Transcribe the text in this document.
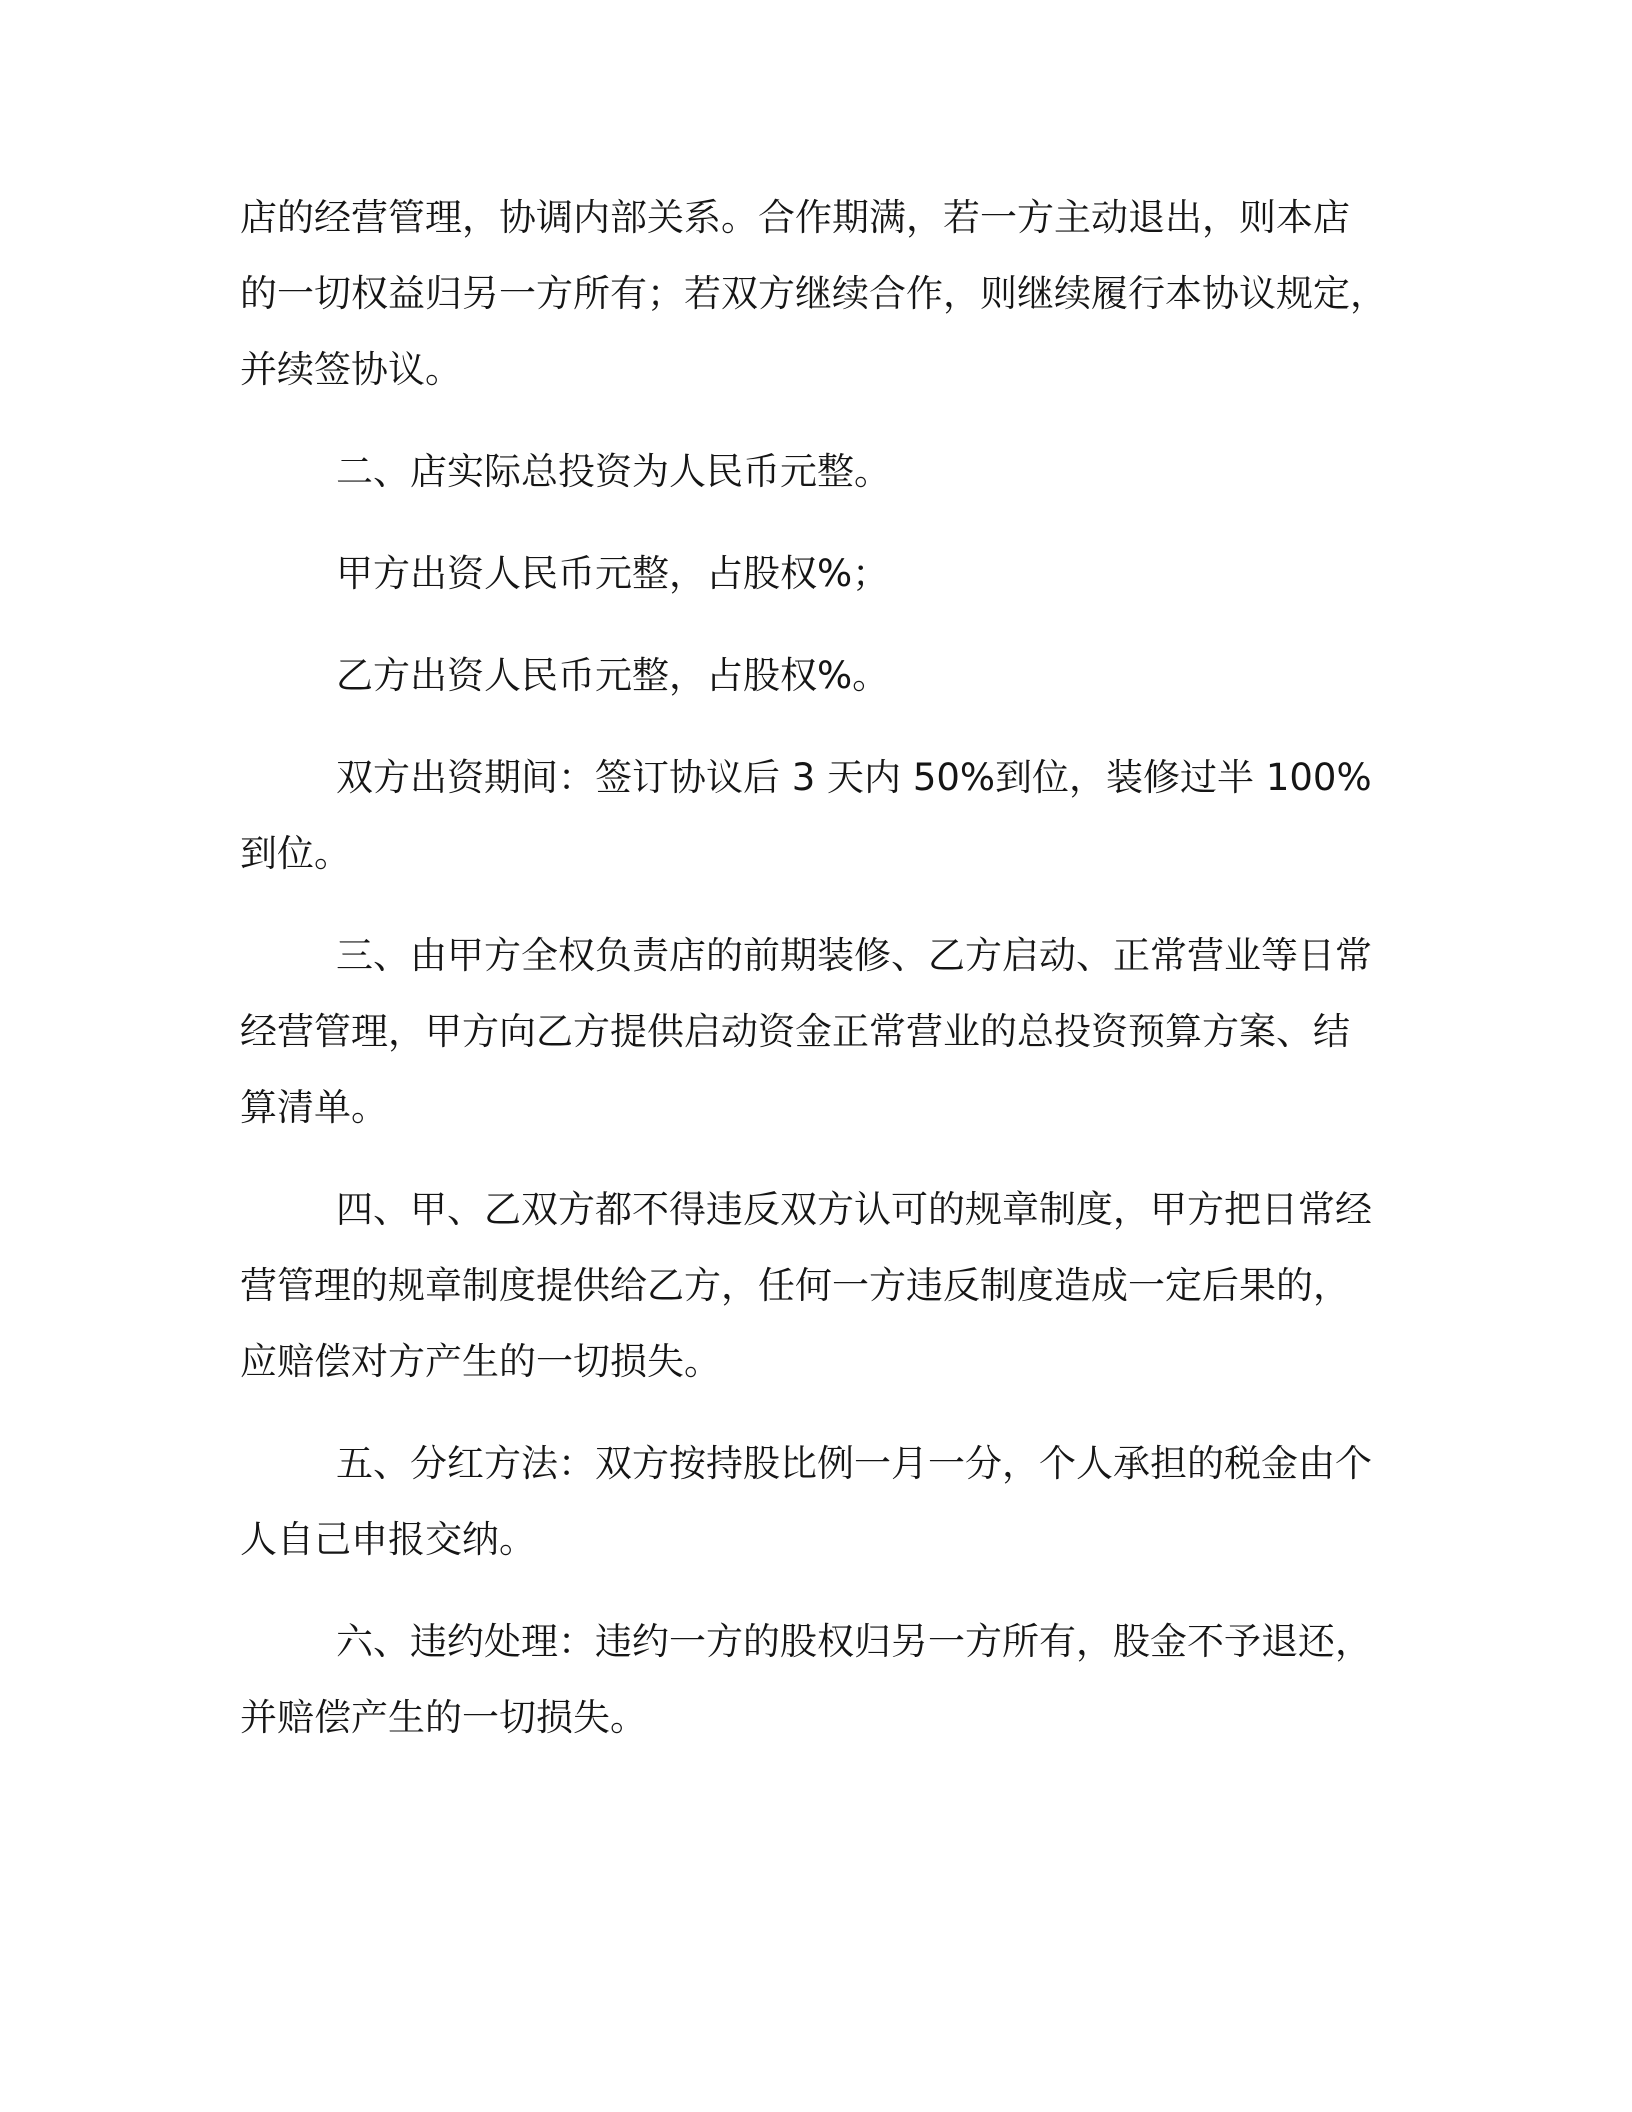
店的经营管理，协调内部关系。合作期满，若一方主动退出，则本店
的一切权益归另一方所有；若双方继续合作，则继续履行本协议规定，
并续签协议。
二、店实际总投资为人民币元整。
甲方出资人民币元整，占股权%；
乙方出资人民币元整，占股权%。
双方出资期间：签订协议后 3 天内 50%到位，装修过半 100%
到位。
三、由甲方全权负责店的前期装修、乙方启动、正常营业等日常
经营管理，甲方向乙方提供启动资金正常营业的总投资预算方案、结
算清单。
四、甲、乙双方都不得违反双方认可的规章制度，甲方把日常经
营管理的规章制度提供给乙方，任何一方违反制度造成一定后果的，
应赔偿对方产生的一切损失。
五、分红方法：双方按持股比例一月一分，个人承担的税金由个
人自己申报交纳。
六、违约处理：违约一方的股权归另一方所有，股金不予退还，
并赔偿产生的一切损失。
